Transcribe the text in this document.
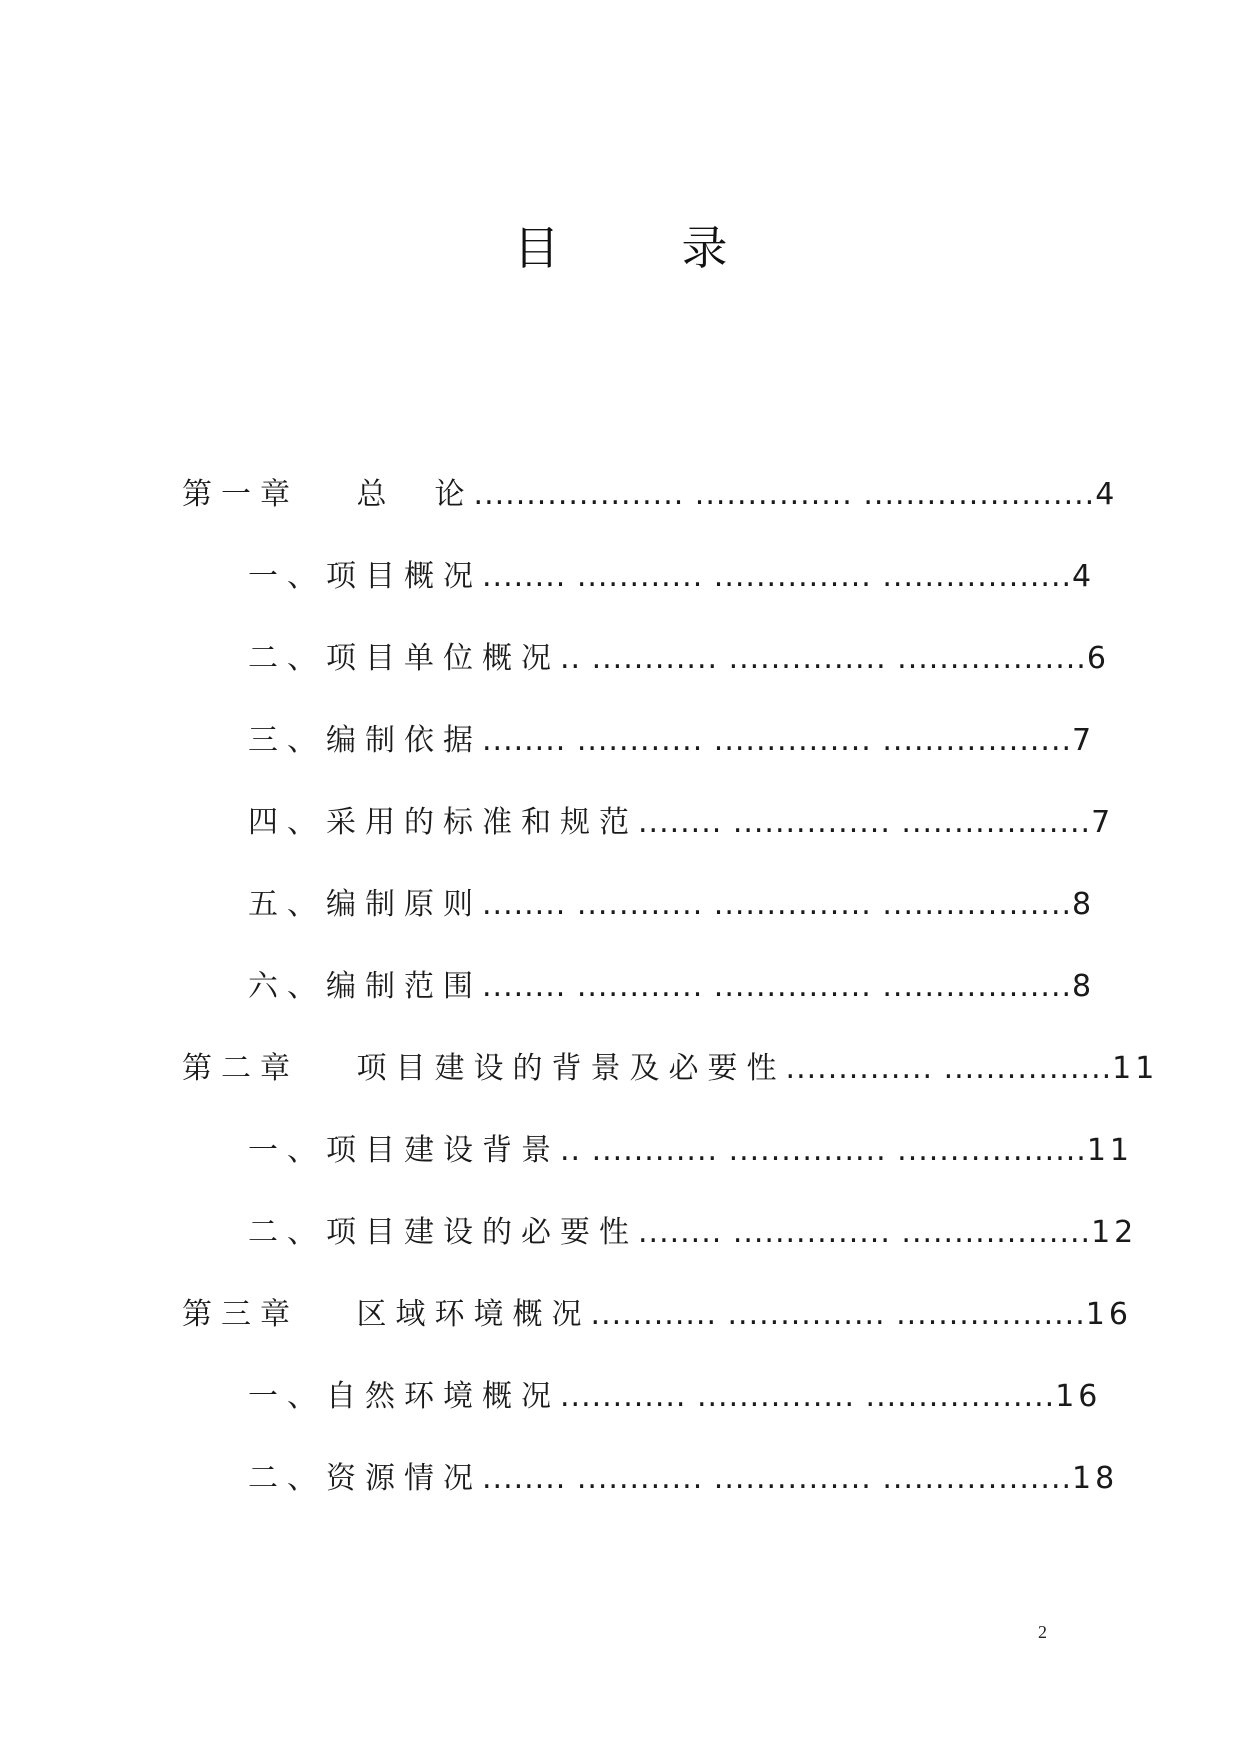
目　录
第一章　 总　论.................... ............... ......................4
一、项目概况........ ............ ............... ..................4
二、项目单位概况.. ............ ............... ..................6
三、编制依据........ ............ ............... ..................7
四、采用的标准和规范........ ............... ..................7
五、编制原则........ ............ ............... ..................8
六、编制范围........ ............ ............... ..................8
第二章　 项目建设的背景及必要性.............. ................11
一、项目建设背景.. ............ ............... ..................11
二、项目建设的必要性........ ............... ..................12
第三章　 区域环境概况............ ............... ..................16
一、自然环境概况............ ............... ..................16
二、资源情况........ ............ ............... ..................18
2
